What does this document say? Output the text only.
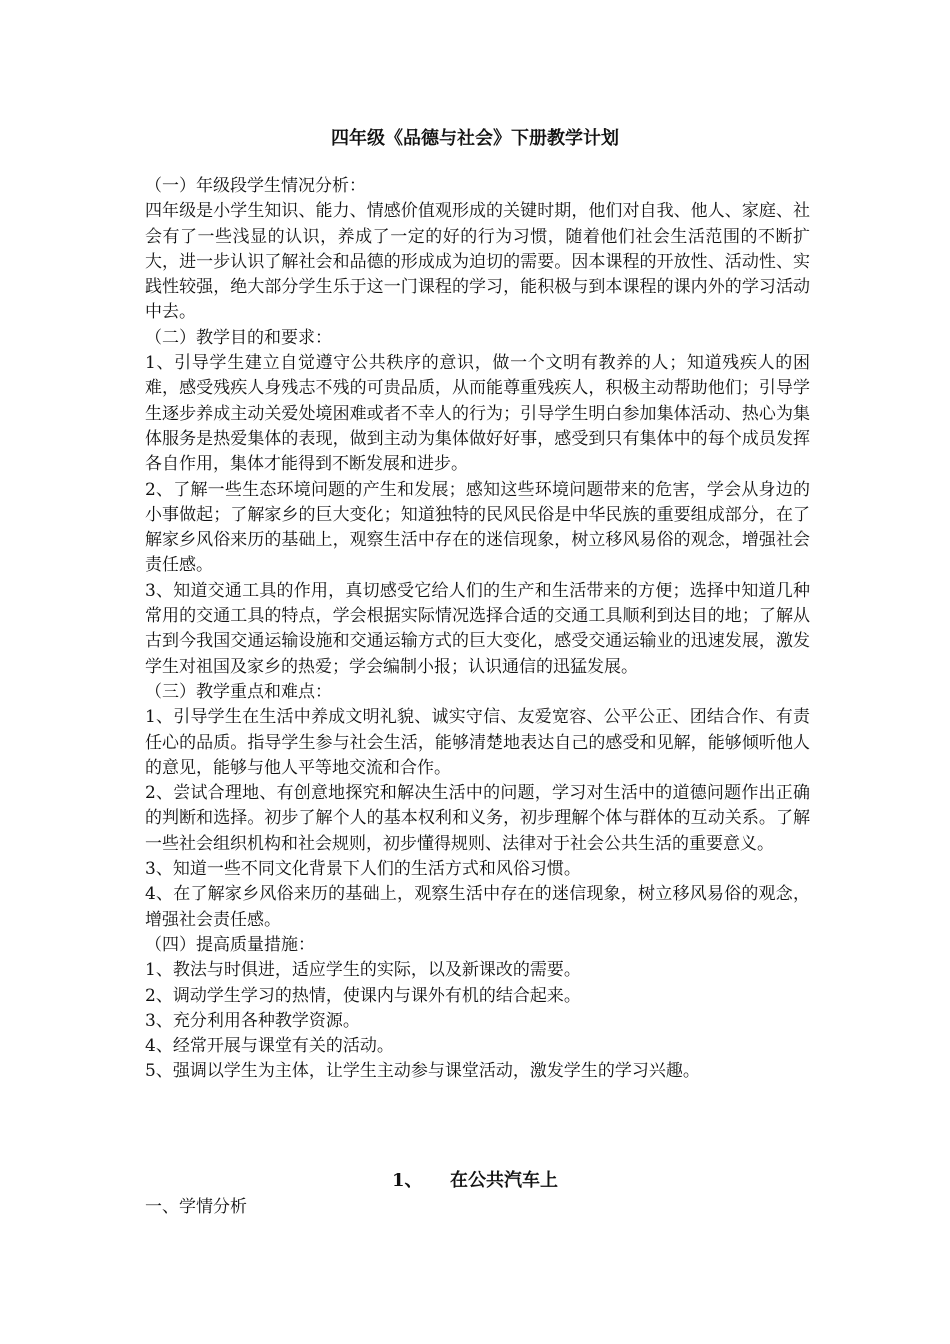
四年级《品德与社会》下册教学计划

（一）年级段学生情况分析：

四年级是小学生知识、能力、情感价值观形成的关键时期，他们对自我、他人、家庭、社会有了一些浅显的认识，养成了一定的好的行为习惯，随着他们社会生活范围的不断扩大，进一步认识了解社会和品德的形成成为迫切的需要。因本课程的开放性、活动性、实践性较强，绝大部分学生乐于这一门课程的学习，能积极与到本课程的课内外的学习活动中去。

（二）教学目的和要求：

1、引导学生建立自觉遵守公共秩序的意识，做一个文明有教养的人；知道残疾人的困难，感受残疾人身残志不残的可贵品质，从而能尊重残疾人，积极主动帮助他们；引导学生逐步养成主动关爱处境困难或者不幸人的行为；引导学生明白参加集体活动、热心为集体服务是热爱集体的表现，做到主动为集体做好好事，感受到只有集体中的每个成员发挥各自作用，集体才能得到不断发展和进步。

2、了解一些生态环境问题的产生和发展；感知这些环境问题带来的危害，学会从身边的小事做起；了解家乡的巨大变化；知道独特的民风民俗是中华民族的重要组成部分，在了解家乡风俗来历的基础上，观察生活中存在的迷信现象，树立移风易俗的观念，增强社会责任感。

3、知道交通工具的作用，真切感受它给人们的生产和生活带来的方便；选择中知道几种常用的交通工具的特点，学会根据实际情况选择合适的交通工具顺利到达目的地；了解从古到今我国交通运输设施和交通运输方式的巨大变化，感受交通运输业的迅速发展，激发学生对祖国及家乡的热爱；学会编制小报；认识通信的迅猛发展。

（三）教学重点和难点：

1、引导学生在生活中养成文明礼貌、诚实守信、友爱宽容、公平公正、团结合作、有责任心的品质。指导学生参与社会生活，能够清楚地表达自己的感受和见解，能够倾听他人的意见，能够与他人平等地交流和合作。

2、尝试合理地、有创意地探究和解决生活中的问题，学习对生活中的道德问题作出正确的判断和选择。初步了解个人的基本权利和义务，初步理解个体与群体的互动关系。了解一些社会组织机构和社会规则，初步懂得规则、法律对于社会公共生活的重要意义。

3、知道一些不同文化背景下人们的生活方式和风俗习惯。

4、在了解家乡风俗来历的基础上，观察生活中存在的迷信现象，树立移风易俗的观念，增强社会责任感。

（四）提高质量措施：

1、教法与时俱进，适应学生的实际，以及新课改的需要。

2、调动学生学习的热情，使课内与课外有机的结合起来。

3、充分利用各种教学资源。

4、经常开展与课堂有关的活动。

5、强调以学生为主体，让学生主动参与课堂活动，激发学生的学习兴趣。

1、 在公共汽车上
一、学情分析
